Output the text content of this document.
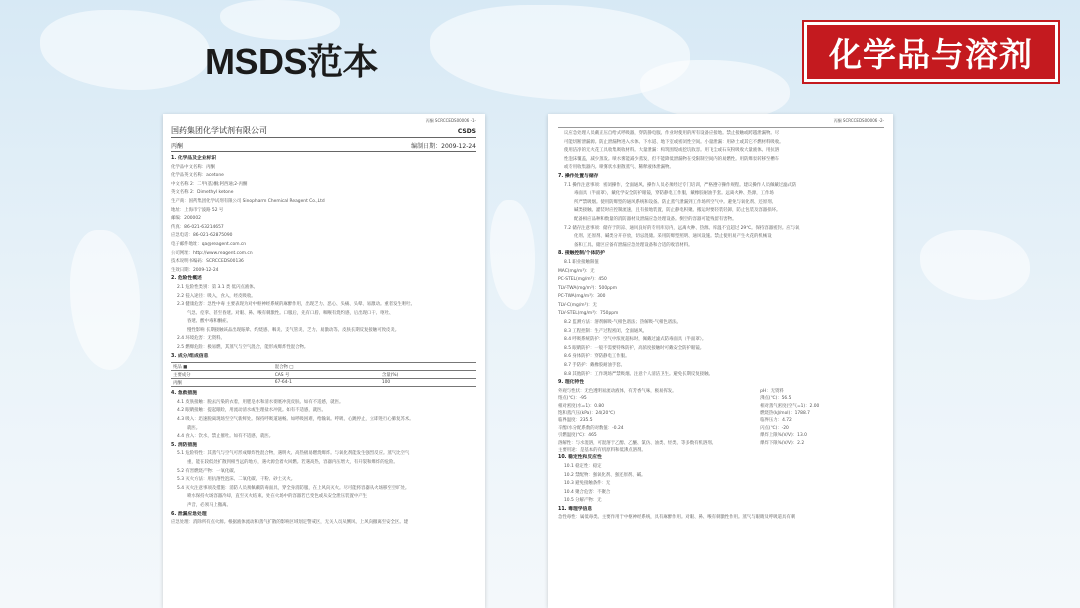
MSDS范本	化学品与溶剂
丙酮 SCRCCEDS00006 -1-
国药集团化学试剂有限公司	CSDS
丙酮	编制日期：2009-12-24
1. 化学品及企业标识
化学品中文名称：丙酮
化学品英文名称：acetone
中文名称 2：二甲(基)酮;阿西通;2-丙酮
英文名称 2：Dimethyl ketone
生产商：国药集团化学试剂有限公司 Sinopharm Chemical Reagent Co.,Ltd
地址：上海市宁波路 52 号
邮编：200002
传真：86-021-63214657
应急电话：86-021-62875090
电子邮件地址：qa@reagent.com.cn
公司网址：http://www.reagent.com.cn
技术说明书编码：SCRCCEDS00136
生效日期：2009-12-24
2. 危险性概述
2.1 危险性类别：第 3.1 类 低闪点液体。
2.2 侵入途径：吸入，食入，经皮吸收。
2.3 健康危害：急性中毒 主要表现为对中枢神经系统的麻醉作用，出现乏力、恶心、头痛、头晕、易激动。重者发生呕吐、
气急、痉挛、甚至昏迷。对眼、鼻、喉有刺激性。口服后，先有口唇、咽喉有烧灼感，后出现口干、呕吐、
昏迷、酸中毒和酮症。
慢性影响 长期接触该品出现眩晕、灼烧感、咽炎、支气管炎、乏力、易激动等。皮肤长期反复接触可致皮炎。
2.4 环境危害：无资料。
2.5 燃爆危险：极易燃，其蒸气与空气混合，能形成爆炸性混合物。
3. 成分/组成信息
纯品 ■	混合物 □	
主要成分	CAS 号	含量(%)
丙酮	67-64-1	100
4. 急救措施
4.1 皮肤接触：脱去污染的衣着，用肥皂水和清水彻底冲洗皮肤。如有不适感，就医。
4.2 眼睛接触：提起眼睑，用流动清水或生理盐水冲洗。如有不适感，就医。
4.3 吸入：迅速脱离现场至空气新鲜处。保持呼吸道通畅。如呼吸困难，给输氧。呼吸、心跳停止，立即进行心肺复苏术。
就医。
4.4 食入：饮水，禁止催吐。如有不适感，就医。
5. 消防措施
5.1 危险特性：其蒸气与空气可形成爆炸性混合物，遇明火、高热极易燃烧爆炸。与氧化剂能发生强烈反应。蒸气比空气
重，能在较低处扩散到相当远的地方，遇火源会着火回燃。若遇高热，容器内压增大，有开裂和爆炸的危险。
5.2 有害燃烧产物：一氧化碳。
5.3 灭火方法：用抗溶性泡沫、二氧化碳、干粉、砂土灭火。
5.4 灭火注意事项及措施：消防人员须佩戴防毒面具，穿全身消防服，在上风向灭火。尽可能将容器从火场移至空旷处。
喷水保持火场容器冷却，直至灭火结束。处在火场中的容器若已变色或从安全泄压装置中产生
声音，必须马上撤离。
6. 泄漏应急处理
应急处理：消除所有点火源。根据液体流动和蒸气扩散的影响区域划定警戒区，无关人员从侧风、上风向撤离至安全区。建
丙酮 SCRCCEDS00006 -2-
议应急处理人员戴正压自给式呼吸器，穿防静电服。作业时使用的所有设备应接地。禁止接触或跨越泄漏物。尽
可能切断泄漏源。防止泄漏物进入水体、下水道、地下室或密闭性空间。小量泄漏：用砂土或其它不燃材料吸收。
使用洁净的无火花工具收集吸收材料。大量泄漏：构筑围堤或挖坑收容。用飞尘或石灰粉吸收大量液体。用抗溶
性泡沫覆盖，减少蒸发。喷水雾能减少蒸发，但不能降低泄漏物在受限制空间内的易燃性。用防爆泵转移至槽车
或专用收集器内。喷雾状水驱散蒸气、稀释液体泄漏物。
7. 操作处置与储存
7.1 操作注意事项：密闭操作，全面通风。操作人员必须经过专门培训，严格遵守操作规程。建议操作人员佩戴过滤式防
毒面具（半面罩），戴化学安全防护眼镜，穿防静电工作服，戴橡胶耐油手套。远离火种、热源，工作场
所严禁吸烟。使用防爆型的通风系统和设备。防止蒸气泄漏到工作场所空气中。避免与氧化剂、还原剂、
碱类接触。灌装时应控制流速，且有接地装置，防止静电积聚。搬运时要轻装轻卸，防止包装及容器损坏。
配备相应品种和数量的消防器材及泄漏应急处理设备。倒空的容器可能残留有害物。
7.2 储存注意事项：储存于阴凉、通风良好的专用库房内，远离火种、热源。库温不宜超过 29℃。保持容器密封。应与氧
化剂、还原剂、碱类分开存放，切忌混储。采用防爆型照明、通风设施。禁止使用易产生火花的机械设
备和工具。储区应备有泄漏应急处理设备和合适的收容材料。
8. 接触控制/个体防护
8.1 职业接触限值
MAC(mg/m³)：无
PC-STEL(mg/m³)：450
TLV-TWA(mg/m³)：500ppm
PC-TWA(mg/m³)：300
TLV-C(mg/m³)：无
TLV-STEL(mg/m³)：750ppm
8.2 监测方法：溶剂解吸-气相色谱法；热解吸-气相色谱法。
8.3 工程控制：生产过程密闭，全面通风。
8.4 呼吸系统防护：空气中浓度超标时，佩戴过滤式防毒面具（半面罩）。
8.5 眼睛防护：一般不需要特殊防护，高浓度接触时可戴安全防护眼镜。
8.6 身体防护：穿防静电工作服。
8.7 手防护：戴橡胶耐油手套。
8.8 其他防护：工作现场严禁吸烟。注意个人清洁卫生。避免长期反复接触。
9. 理化特性
外观与性状：无色透明易流动液体，有芳香气味，极易挥发。
熔点(℃)：-95
相对密度(水=1)：0.80
饱和蒸汽压(kPa)：24(20℃)
临界温度：235.5
辛醇/水分配系数的对数值：-0.24
引燃温度(℃)：465
溶解性：与水混溶，可混溶于乙醇、乙醚、氯仿、油类、烃类、等多数有机溶剂。
主要用途：是基本的有机原料和低沸点溶剂。
pH：无资料
沸点(℃)：56.5
相对蒸气密度(空气=1)：2.00
燃烧热(kJ/mol)：1788.7
临界压力：4.72
闪点(℃)：-20
爆炸上限%(V/V)：13.0
爆炸下限%(V/V)：2.2
10. 稳定性和反应性
10.1 稳定性：稳定
10.2 禁配物：强氧化剂、强还原剂、碱。
10.3 避免接触条件：无
10.4 聚合危害：不聚合
10.5 分解产物：无
11. 毒理学信息
急性毒性：属低毒类。主要作用于中枢神经系统，具有麻醉作用。对眼、鼻、喉有刺激性作用。蒸气与眼睛及呼吸道具有刺
